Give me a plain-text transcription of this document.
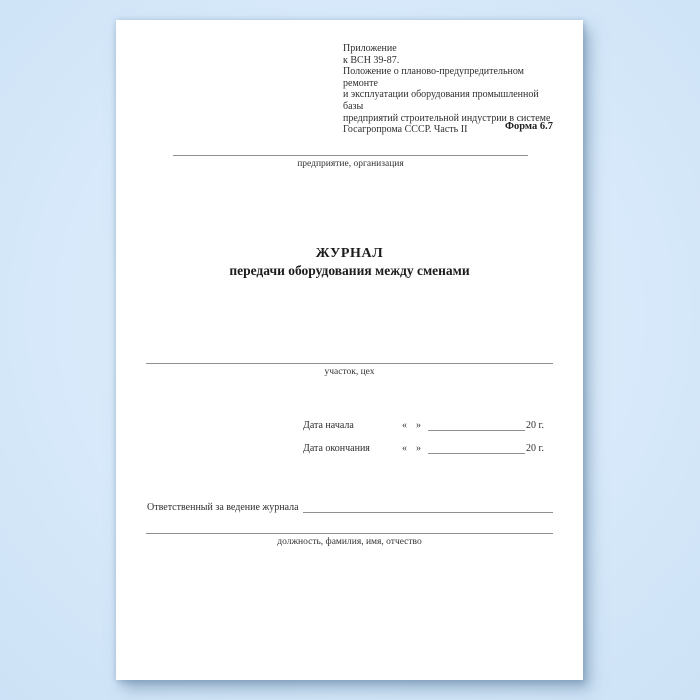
Приложение
к ВСН 39-87.
Положение о планово-предупредительном ремонте
и эксплуатации оборудования промышленной базы
предприятий строительной индустрии в системе
Госагропрома СССР. Часть II	Форма 6.7
предприятие, организация
ЖУРНАЛ
передачи оборудования между сменами
участок, цех
Дата начала	« »	20 г.
Дата окончания	« »	20 г.
Ответственный за ведение журнала
должность, фамилия, имя, отчество
